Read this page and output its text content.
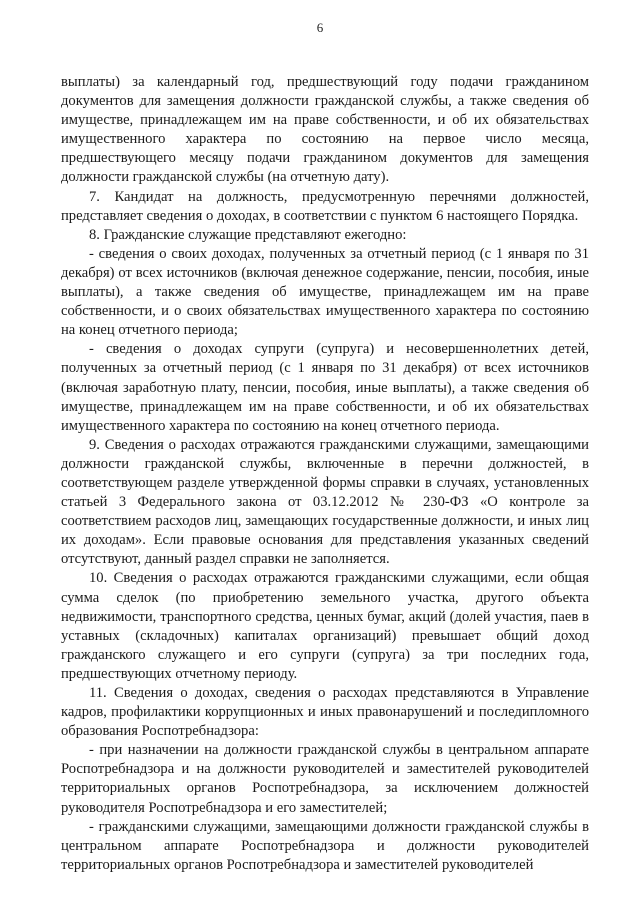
6

выплаты) за календарный год, предшествующий году подачи гражданином документов для замещения должности гражданской службы, а также сведения об имуществе, принадлежащем им на праве собственности, и об их обязательствах имущественного характера по состоянию на первое число месяца, предшествующего месяцу подачи гражданином документов для замещения должности гражданской службы (на отчетную дату).

7. Кандидат на должность, предусмотренную перечнями должностей, представляет сведения о доходах, в соответствии с пунктом 6 настоящего Порядка.

8. Гражданские служащие представляют ежегодно:

- сведения о своих доходах, полученных за отчетный период (с 1 января по 31 декабря) от всех источников (включая денежное содержание, пенсии, пособия, иные выплаты), а также сведения об имуществе, принадлежащем им на праве собственности, и о своих обязательствах имущественного характера по состоянию на конец отчетного периода;

- сведения о доходах супруги (супруга) и несовершеннолетних детей, полученных за отчетный период (с 1 января по 31 декабря) от всех источников (включая заработную плату, пенсии, пособия, иные выплаты), а также сведения об имуществе, принадлежащем им на праве собственности, и об их обязательствах имущественного характера по состоянию на конец отчетного периода.

9. Сведения о расходах отражаются гражданскими служащими, замещающими должности гражданской службы, включенные в перечни должностей, в соответствующем разделе утвержденной формы справки в случаях, установленных статьей 3 Федерального закона от 03.12.2012 № 230-ФЗ «О контроле за соответствием расходов лиц, замещающих государственные должности, и иных лиц их доходам». Если правовые основания для представления указанных сведений отсутствуют, данный раздел справки не заполняется.

10. Сведения о расходах отражаются гражданскими служащими, если общая сумма сделок (по приобретению земельного участка, другого объекта недвижимости, транспортного средства, ценных бумаг, акций (долей участия, паев в уставных (складочных) капиталах организаций) превышает общий доход гражданского служащего и его супруги (супруга) за три последних года, предшествующих отчетному периоду.

11. Сведения о доходах, сведения о расходах представляются в Управление кадров, профилактики коррупционных и иных правонарушений и последипломного образования Роспотребнадзора:

- при назначении на должности гражданской службы в центральном аппарате Роспотребнадзора и на должности руководителей и заместителей руководителей территориальных органов Роспотребнадзора, за исключением должностей руководителя Роспотребнадзора и его заместителей;

- гражданскими служащими, замещающими должности гражданской службы в центральном аппарате Роспотребнадзора и должности руководителей территориальных органов Роспотребнадзора и заместителей руководителей
